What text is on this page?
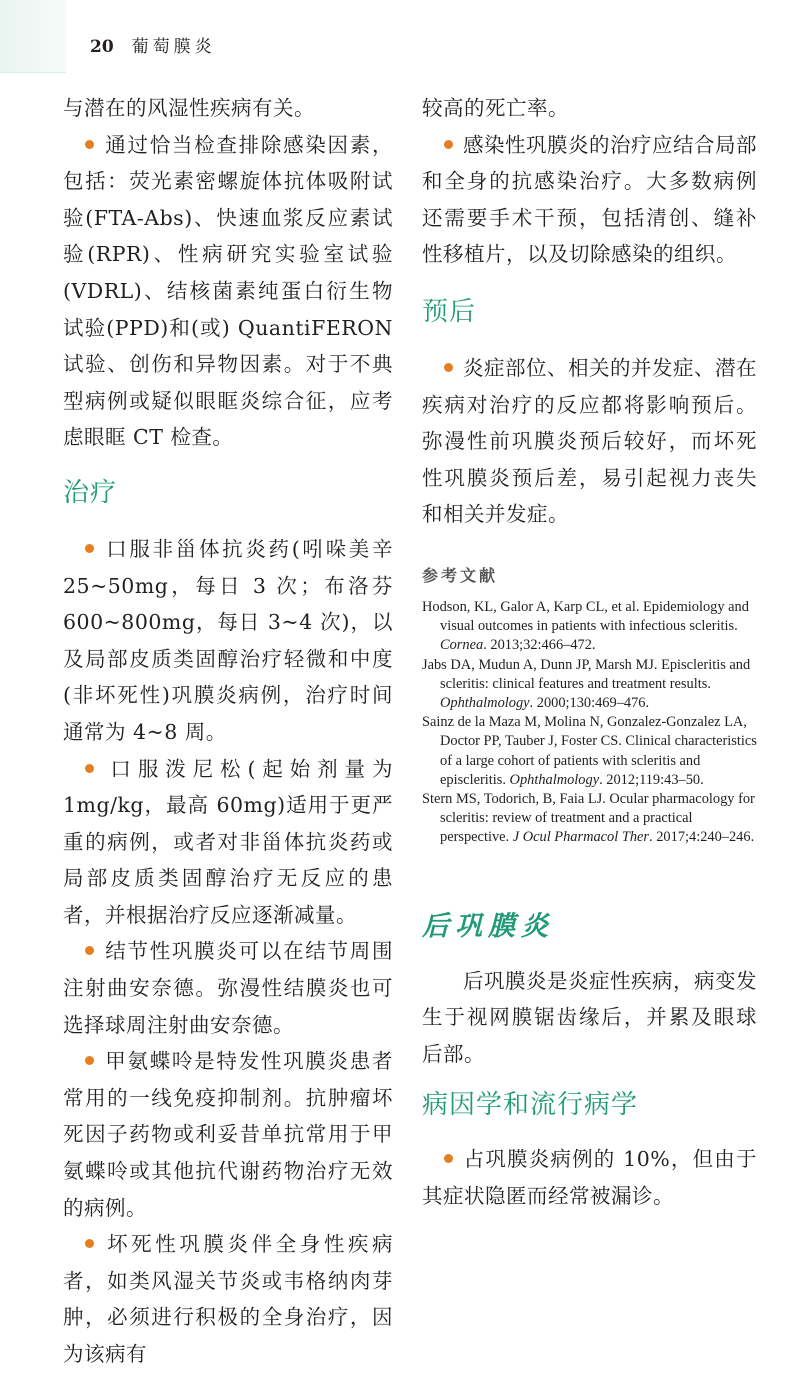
20 葡萄膜炎

与潜在的风湿性疾病有关。

通过恰当检查排除感染因素，包括：荧光素密螺旋体抗体吸附试验(FTA-Abs)、快速血浆反应素试验(RPR)、性病研究实验室试验(VDRL)、结核菌素纯蛋白衍生物试验(PPD)和(或) QuantiFERON 试验、创伤和异物因素。对于不典型病例或疑似眼眶炎综合征，应考虑眼眶 CT 检查。

治疗

口服非甾体抗炎药(吲哚美辛 25~50mg，每日 3 次；布洛芬 600~800mg，每日 3~4 次)，以及局部皮质类固醇治疗轻微和中度(非坏死性)巩膜炎病例，治疗时间通常为 4~8 周。

口服泼尼松(起始剂量为 1mg/kg，最高 60mg)适用于更严重的病例，或者对非甾体抗炎药或局部皮质类固醇治疗无反应的患者，并根据治疗反应逐渐减量。

结节性巩膜炎可以在结节周围注射曲安奈德。弥漫性结膜炎也可选择球周注射曲安奈德。

甲氨蝶呤是特发性巩膜炎患者常用的一线免疫抑制剂。抗肿瘤坏死因子药物或利妥昔单抗常用于甲氨蝶呤或其他抗代谢药物治疗无效的病例。

坏死性巩膜炎伴全身性疾病者，如类风湿关节炎或韦格纳肉芽肿，必须进行积极的全身治疗，因为该病有

较高的死亡率。

感染性巩膜炎的治疗应结合局部和全身的抗感染治疗。大多数病例还需要手术干预，包括清创、缝补性移植片，以及切除感染的组织。

预后

炎症部位、相关的并发症、潜在疾病对治疗的反应都将影响预后。弥漫性前巩膜炎预后较好，而坏死性巩膜炎预后差，易引起视力丧失和相关并发症。

参考文献

Hodson, KL, Galor A, Karp CL, et al. Epidemiology and visual outcomes in patients with infectious scleritis. Cornea. 2013;32:466–472.

Jabs DA, Mudun A, Dunn JP, Marsh MJ. Episcleritis and scleritis: clinical features and treatment results. Ophthalmology. 2000;130:469–476.

Sainz de la Maza M, Molina N, Gonzalez-Gonzalez LA, Doctor PP, Tauber J, Foster CS. Clinical characteristics of a large cohort of patients with scleritis and episcleritis. Ophthalmology. 2012;119:43–50.

Stern MS, Todorich, B, Faia LJ. Ocular pharmacology for scleritis: review of treatment and a practical perspective. J Ocul Pharmacol Ther. 2017;4:240–246.

后巩膜炎

后巩膜炎是炎症性疾病，病变发生于视网膜锯齿缘后，并累及眼球后部。

病因学和流行病学

占巩膜炎病例的 10%，但由于其症状隐匿而经常被漏诊。
